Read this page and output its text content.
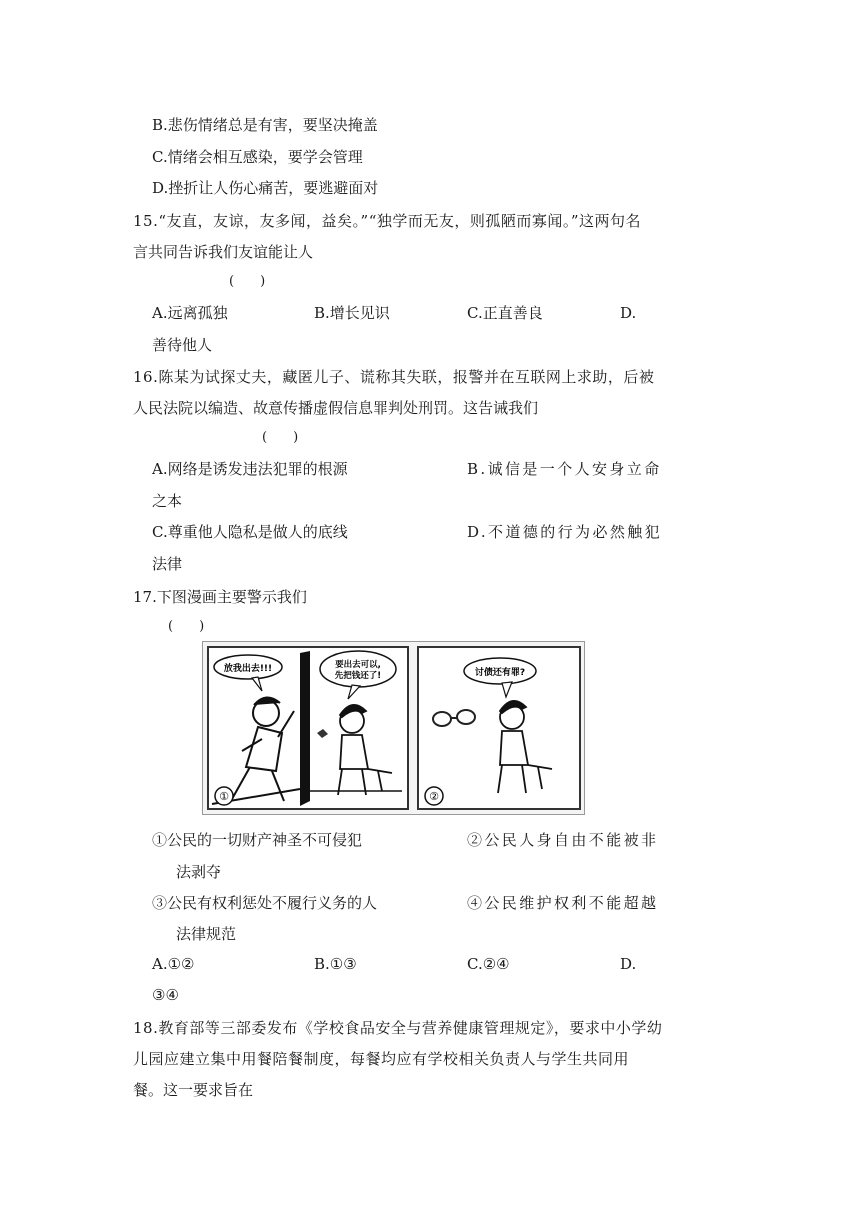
B.悲伤情绪总是有害，要坚决掩盖
C.情绪会相互感染，要学会管理
D.挫折让人伤心痛苦，要逃避面对
15.“友直，友谅，友多闻，益矣。”“独学而无友，则孤陋而寡闻。”这两句名
言共同告诉我们友谊能让人
(　　)
A.远离孤独	B.增长见识	C.正直善良	D.
善待他人
16.陈某为试探丈夫，藏匿儿子、谎称其失联，报警并在互联网上求助，后被
人民法院以编造、故意传播虚假信息罪判处刑罚。这告诫我们
(　　)
A.网络是诱发违法犯罪的根源	B.诚信是一个人安身立命
之本
C.尊重他人隐私是做人的底线	D.不道德的行为必然触犯
法律
17.下图漫画主要警示我们
(　　)
放我出去!!!	要出去可以,
先把钱还了!	讨债还有罪?
①	②
①公民的一切财产神圣不可侵犯	②公民人身自由不能被非
法剥夺
③公民有权利惩处不履行义务的人	④公民维护权利不能超越
法律规范
A.①②	B.①③	C.②④	D.
③④
18.教育部等三部委发布《学校食品安全与营养健康管理规定》，要求中小学幼
儿园应建立集中用餐陪餐制度，每餐均应有学校相关负责人与学生共同用
餐。这一要求旨在
